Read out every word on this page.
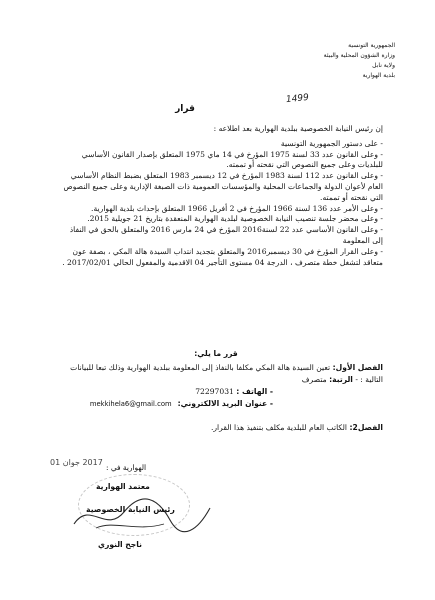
الجمهورية التونسية
وزارة الشؤون المحلية والبيئة
ولاية نابل
بلدية الهوارية
1499
قرار

إن رئيس النيابة الخصوصية ببلدية الهوارية بعد اطلاعه :

- على دستور الجمهورية التونسية

- وعلى القانون عدد 33 لسنة 1975 المؤرخ في 14 ماي 1975 المتعلق بإصدار القانون الأساسي للبلديات وعلى جميع النصوص التي نقحته أو تممته.

- وعلى القانون عدد 112 لسنة 1983 المؤرخ في 12 ديسمبر 1983 المتعلق بضبط النظام الأساسي العام لأعوان الدولة والجماعات المحلية والمؤسسات العمومية ذات الصبغة الإدارية وعلى جميع النصوص التي نقحته أو تممته.

- وعلى الأمر عدد 136 لسنة 1966 المؤرخ في 2 أفريل 1966 المتعلق بإحداث بلدية الهوارية.

- وعلى محضر جلسة تنصيب النيابة الخصوصية لبلدية الهوارية المنعقدة بتاريخ 21 جويلية 2015.

- وعلى القانون الأساسي عدد 22 لسنة2016 المؤرخ في 24 مارس 2016 والمتعلق بالحق في النفاذ إلى المعلومة

- وعلى القرار المؤرخ في 30 ديسمبر2016 والمتعلق بتجديد انتداب السيدة هالة المكي ، بصفة عون متعاقد لتشغل خطة متصرف ، الدرجة 04 مستوى التأجير 04 الاقدمية والمفعول الحالي 2017/02/01 .

قرر ما يلي:
الفصل الأول: تعين السيدة هالة المكي مكلفا بالنفاذ إلى المعلومة ببلدية الهوارية وذلك تبعا للبيانات التالية : - الرتبة: متصرف
- الهاتف : 72297031
- عنوان البريد الالكتروني:
mekkihela6@gmail.com
الفصل2: الكاتب العام للبلدية مكلف بتنفيذ هذا القرار.
الهوارية في :
2017 جوان 01
معتمد الهوارية
رئيس النيابة الخصوصية
ناجح النوري
